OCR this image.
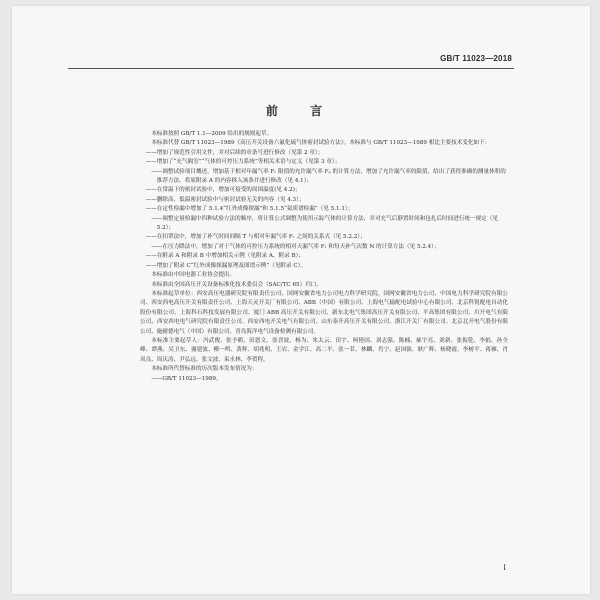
GB/T 11023—2018
前 言

本标准按照 GB/T 1.1—2009 给出的规则起草。

本标准代替 GB/T 11023—1989《高压开关设备六氟化硫气体密封试验方法》。本标准与 GB/T 11023—1989 相比主要技术变化如下：

——增加了规范性引用文件，并对后续的章条号进行修改（见第 2 章）；

——增加了“充气隔室”“气体的可控压力系统”等相关术语与定义（见第 3 章）；

——调整试验项目概述，增加基于相对年漏气率 Fᵣ 限值的允许漏气率 Fₚ 的计算方法，增加了允许漏气率的限值，给出了获得准确的测量体积的推荐方法，将原附录 A 的内容移入该条并进行修改（见 4.1）；

——在常温下的密封试验中，增加可接受的周围温度(见 4.2)；

——删除高、低温密封试验中与密封试验无关的内容（见 4.3）；

——在定性检漏中增加了 5.1.4“红外成像探漏”和 5.1.5“氦质谱检漏”（见 5.1.1）；

——调整定量检漏中四种试验方法的顺序，将计算公式调整为使用示踪气体的计算方法，并对充气后静置时间和包扎后时间进行统一规定（见 5.2）；

——在扣罩法中，增加了补气时间间隔 T 与相对年漏气率 Fᵣ 之间的关系式（见 5.2.2）；

——在压力降法中，增加了对于气体的可控压力系统的相对天漏气率 Fᵣ 和每天补气次数 N 的计算方法（见 5.2.4）；

——在附录 A 和附录 B 中增加相关示例（见附录 A、附录 B）；

——增加了附录 C“红外成像探漏原理及图谱示例”（见附录 C）。

本标准由中国电器工业协会提出。

本标准由全国高压开关设备标准化技术委员会（SAC/TC 65）归口。

本标准起草单位：西安高压电器研究院有限责任公司、国网安徽省电力公司电力科学研究院、国网安徽省电力公司、中国电力科学研究院有限公司、西安西电高压开关有限责任公司、上海天灵开关厂有限公司、ABB（中国）有限公司、上海电气输配电试验中心有限公司、北京科锐配电自动化股份有限公司、上海科石科技发展有限公司、厦门 ABB 高压开关有限公司、新东北电气集团高压开关有限公司、平高集团有限公司、川开电气有限公司、西安西电电气研究院有限责任公司、西安西电开关电气有限公司、山东泰开高压开关有限公司、浙江开关厂有限公司、北京北开电气股份有限公司、施耐德电气（中国）有限公司、青岛海洋电气设备检测有限公司。

本标准主要起草人：冯武俊、张予鹤、田恩文、张晋波、杨为、朱太云、田宇、柯艳国、刘志强、陈楠、郝宇亮、刘新、张振乾、李娟、孙全峰、谭燕、吴卫东、谢建波、柳一鸣、黄辉、胡兆明、王岩、金学江、高二平、张一茗、林麟、肖宁、赵国强、耿广辉、杨晓霞、李树平、蒋雁、肖凤良、周庆涛、尹弘远、张文波、束水林、李贺程。

本标准所代替标准的历次版本发布情况为：

——GB/T 11023—1989。

I
